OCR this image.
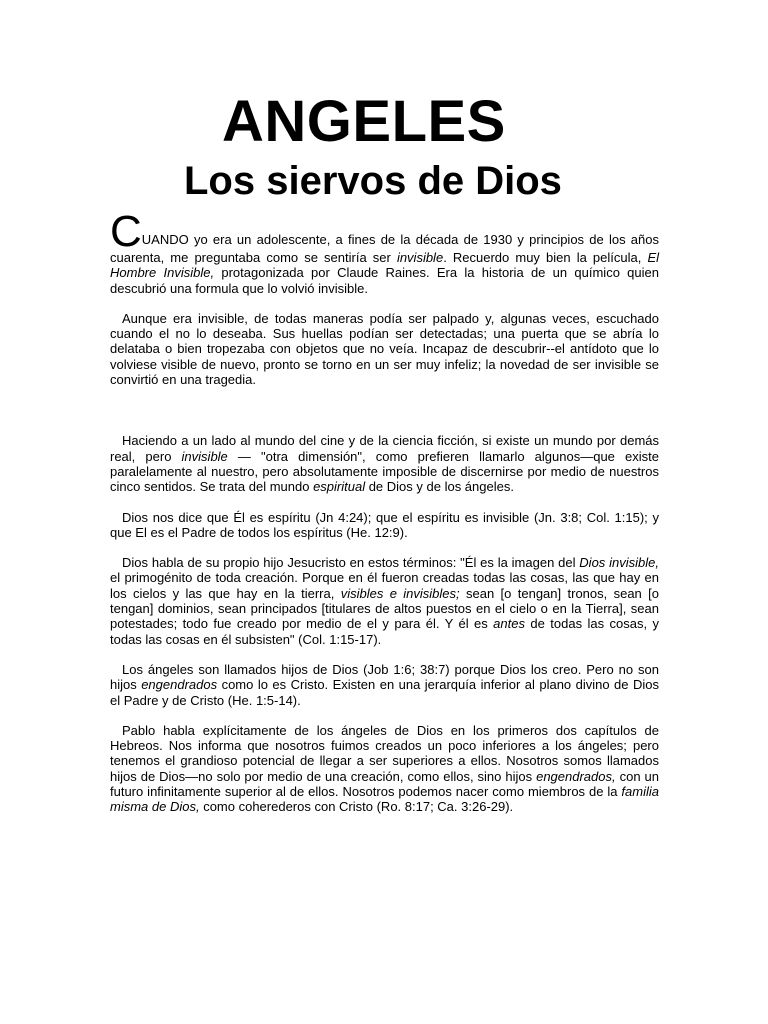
ANGELES
Los siervos de Dios

CUANDO yo era un adolescente, a fines de la década de 1930 y principios de los años cuarenta, me preguntaba como se sentiría ser invisible. Recuerdo muy bien la película, El Hombre Invisible, protagonizada por Claude Raines. Era la historia de un químico quien descubrió una formula que lo volvió invisible.

Aunque era invisible, de todas maneras podía ser palpado y, algunas veces, escuchado cuando el no lo deseaba. Sus huellas podían ser detectadas; una puerta que se abría lo delataba o bien tropezaba con objetos que no veía. Incapaz de descubrir--el antídoto que lo volviese visible de nuevo, pronto se torno en un ser muy infeliz; la novedad de ser invisible se convirtió en una tragedia.

Haciendo a un lado al mundo del cine y de la ciencia ficción, si existe un mundo por demás real, pero invisible — "otra dimensión", como prefieren llamarlo algunos—que existe paralelamente al nuestro, pero absolutamente imposible de discernirse por medio de nuestros cinco sentidos. Se trata del mundo espiritual de Dios y de los ángeles.

Dios nos dice que Él es espíritu (Jn 4:24); que el espíritu es invisible (Jn. 3:8; Col. 1:15); y que El es el Padre de todos los espíritus (He. 12:9).

Dios habla de su propio hijo Jesucristo en estos términos: "Él es la imagen del Dios invisible, el primogénito de toda creación. Porque en él fueron creadas todas las cosas, las que hay en los cielos y las que hay en la tierra, visibles e invisibles; sean [o tengan] tronos, sean [o tengan] dominios, sean principados [titulares de altos puestos en el cielo o en la Tierra], sean potestades; todo fue creado por medio de el y para él. Y él es antes de todas las cosas, y todas las cosas en él subsisten" (Col. 1:15-17).

Los ángeles son llamados hijos de Dios (Job 1:6; 38:7) porque Dios los creo. Pero no son hijos engendrados como lo es Cristo. Existen en una jerarquía inferior al plano divino de Dios el Padre y de Cristo (He. 1:5-14).

Pablo habla explícitamente de los ángeles de Dios en los primeros dos capítulos de Hebreos. Nos informa que nosotros fuimos creados un poco inferiores a los ángeles; pero tenemos el grandioso potencial de llegar a ser superiores a ellos. Nosotros somos llamados hijos de Dios—no solo por medio de una creación, como ellos, sino hijos engendrados, con un futuro infinitamente superior al de ellos. Nosotros podemos nacer como miembros de la familia misma de Dios, como coherederos con Cristo (Ro. 8:17; Ca. 3:26-29).
